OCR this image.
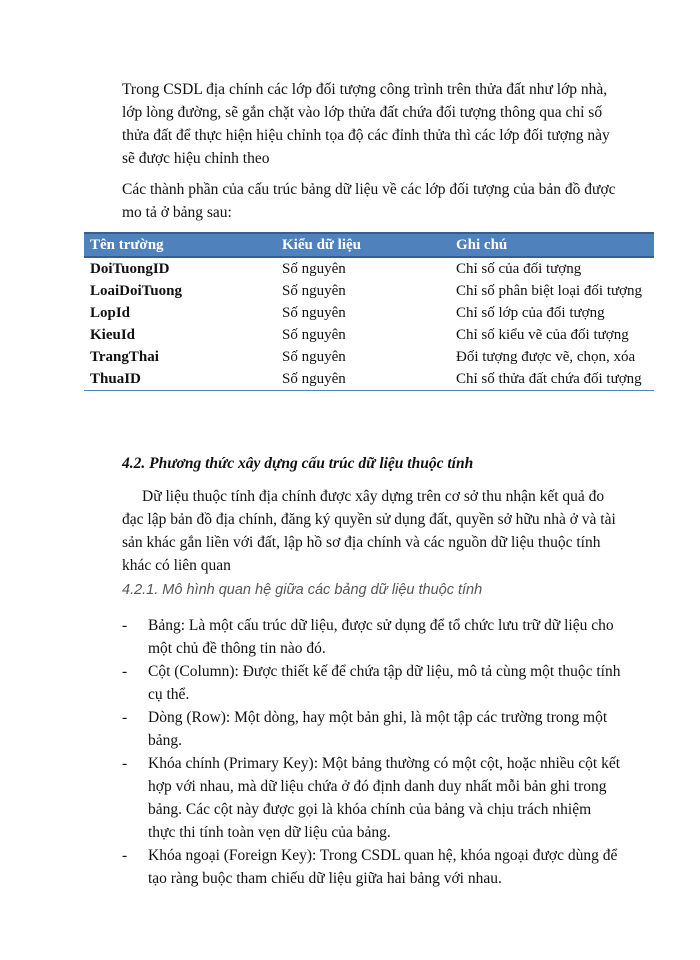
Trong CSDL địa chính các lớp đối tượng công trình trên thửa đất như lớp nhà, lớp lòng đường, sẽ gắn chặt vào lớp thửa đất chứa đối tượng thông qua chỉ số thửa đất để thực hiện hiệu chỉnh tọa độ các đỉnh thửa thì các lớp đối tượng này sẽ được hiệu chỉnh theo

Các thành phần của cấu trúc bảng dữ liệu về các lớp đối tượng của bản đồ được mo tả ở bảng sau:

Tên trường	Kiểu dữ liệu	Ghi chú
DoiTuongID	Số nguyên	Chỉ số của đối tượng
LoaiDoiTuong	Số nguyên	Chỉ số phân biệt loại đối tượng
LopId	Số nguyên	Chỉ số lớp của đối tượng
KieuId	Số nguyên	Chỉ số kiểu vẽ của đối tượng
TrangThai	Số nguyên	Đối tượng được vẽ, chọn, xóa
ThuaID	Số nguyên	Chỉ số thửa đất chứa đối tượng

4.2. Phương thức xây dựng cấu trúc dữ liệu thuộc tính

Dữ liệu thuộc tính địa chính được xây dựng trên cơ sở thu nhận kết quả đo đạc lập bản đồ địa chính, đăng ký quyền sử dụng đất, quyền sở hữu nhà ở và tài sản khác gắn liền với đất, lập hồ sơ địa chính và các nguồn dữ liệu thuộc tính khác có liên quan

4.2.1. Mô hình quan hệ giữa các bảng dữ liệu thuộc tính

- Bảng: Là một cấu trúc dữ liệu, được sử dụng để tổ chức lưu trữ dữ liệu cho một chủ đề thông tin nào đó.
- Cột (Column): Được thiết kế để chứa tập dữ liệu, mô tả cùng một thuộc tính cụ thể.
- Dòng (Row): Một dòng, hay một bản ghi, là một tập các trường trong một bảng.
- Khóa chính (Primary Key): Một bảng thường có một cột, hoặc nhiều cột kết hợp với nhau, mà dữ liệu chứa ở đó định danh duy nhất mỗi bản ghi trong bảng. Các cột này được gọi là khóa chính của bảng và chịu trách nhiệm thực thi tính toàn vẹn dữ liệu của bảng.
- Khóa ngoại (Foreign Key): Trong CSDL quan hệ, khóa ngoại được dùng để tạo ràng buộc tham chiếu dữ liệu giữa hai bảng với nhau.
